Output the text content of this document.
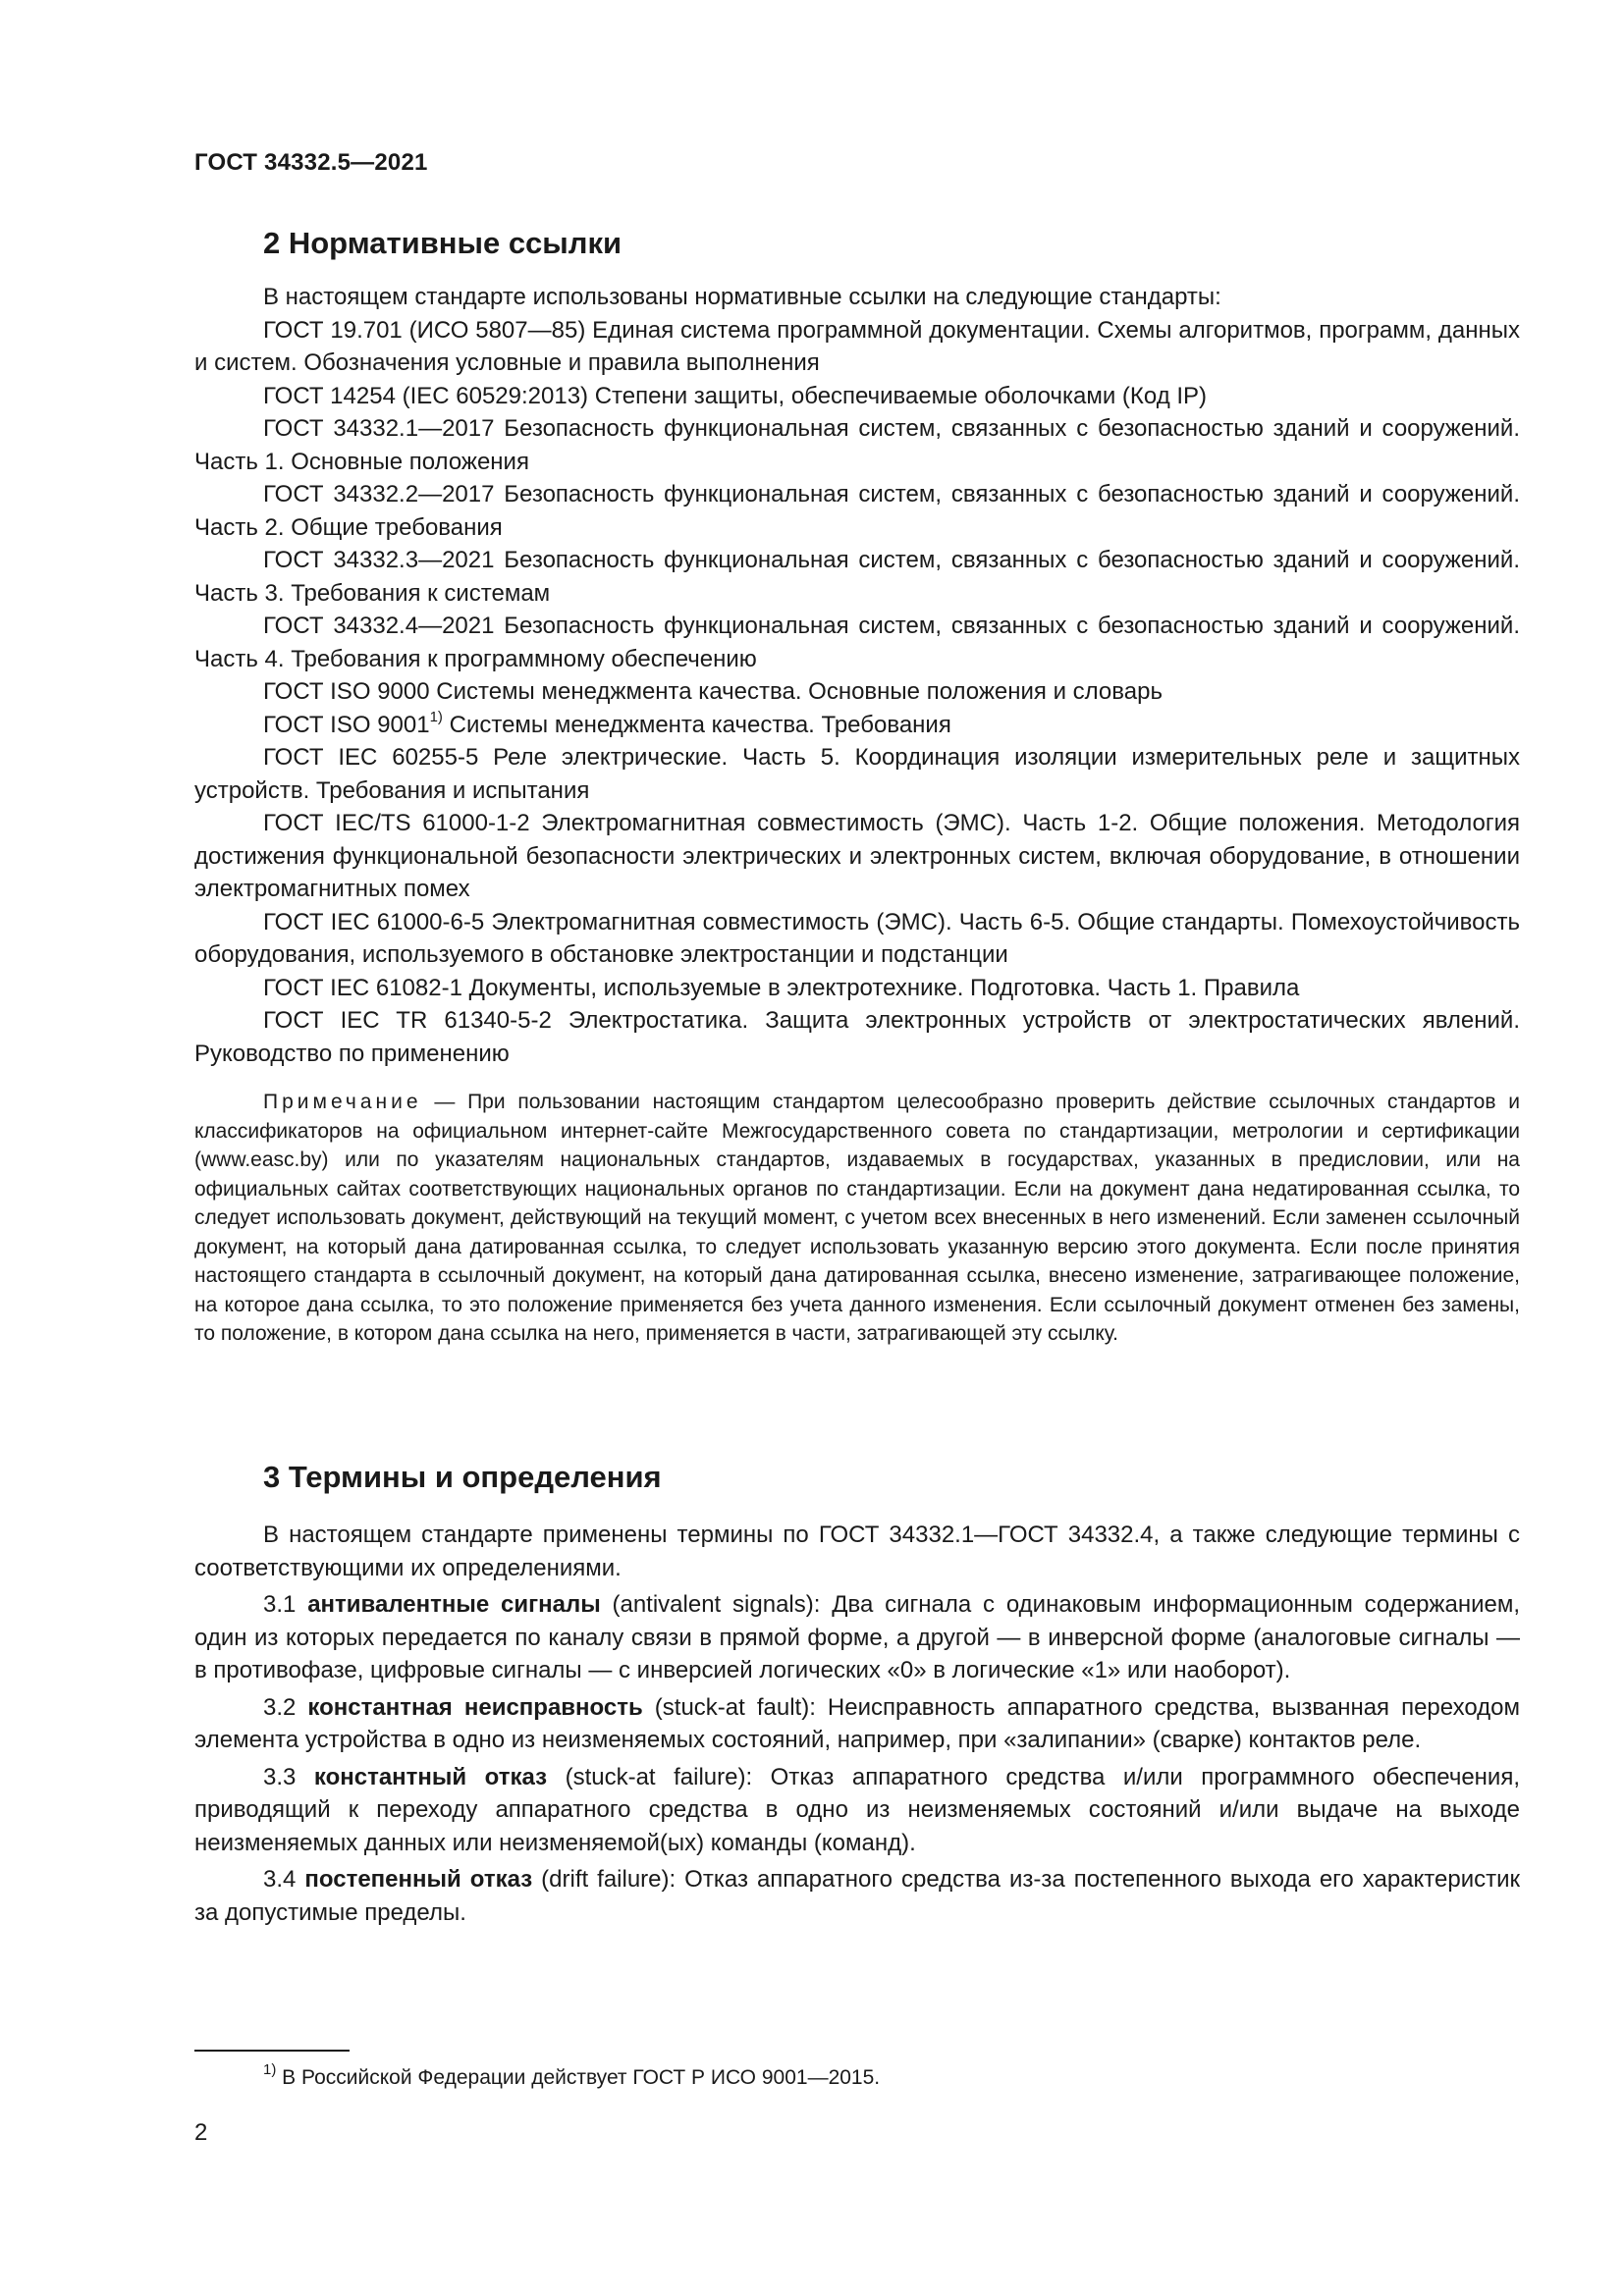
ГОСТ 34332.5—2021
2 Нормативные ссылки

В настоящем стандарте использованы нормативные ссылки на следующие стандарты:

ГОСТ 19.701 (ИСО 5807—85) Единая система программной документации. Схемы алгоритмов, программ, данных и систем. Обозначения условные и правила выполнения

ГОСТ 14254 (IEC 60529:2013) Степени защиты, обеспечиваемые оболочками (Код IP)

ГОСТ 34332.1—2017 Безопасность функциональная систем, связанных с безопасностью зданий и сооружений. Часть 1. Основные положения

ГОСТ 34332.2—2017 Безопасность функциональная систем, связанных с безопасностью зданий и сооружений. Часть 2. Общие требования

ГОСТ 34332.3—2021 Безопасность функциональная систем, связанных с безопасностью зданий и сооружений. Часть 3. Требования к системам

ГОСТ 34332.4—2021 Безопасность функциональная систем, связанных с безопасностью зданий и сооружений. Часть 4. Требования к программному обеспечению

ГОСТ ISO 9000 Системы менеджмента качества. Основные положения и словарь

ГОСТ ISO 9001$^{1)}$ Системы менеджмента качества. Требования

ГОСТ IEC 60255-5 Реле электрические. Часть 5. Координация изоляции измерительных реле и защитных устройств. Требования и испытания

ГОСТ IEC/TS 61000-1-2 Электромагнитная совместимость (ЭМС). Часть 1-2. Общие положения. Методология достижения функциональной безопасности электрических и электронных систем, включая оборудование, в отношении электромагнитных помех

ГОСТ IEC 61000-6-5 Электромагнитная совместимость (ЭМС). Часть 6-5. Общие стандарты. Помехоустойчивость оборудования, используемого в обстановке электростанции и подстанции

ГОСТ IEC 61082-1 Документы, используемые в электротехнике. Подготовка. Часть 1. Правила

ГОСТ IEC TR 61340-5-2 Электростатика. Защита электронных устройств от электростатических явлений. Руководство по применению

Примечание — При пользовании настоящим стандартом целесообразно проверить действие ссылочных стандартов и классификаторов на официальном интернет-сайте Межгосударственного совета по стандартизации, метрологии и сертификации (www.easc.by) или по указателям национальных стандартов, издаваемых в государствах, указанных в предисловии, или на официальных сайтах соответствующих национальных органов по стандартизации. Если на документ дана недатированная ссылка, то следует использовать документ, действующий на текущий момент, с учетом всех внесенных в него изменений. Если заменен ссылочный документ, на который дана датированная ссылка, то следует использовать указанную версию этого документа. Если после принятия настоящего стандарта в ссылочный документ, на который дана датированная ссылка, внесено изменение, затрагивающее положение, на которое дана ссылка, то это положение применяется без учета данного изменения. Если ссылочный документ отменен без замены, то положение, в котором дана ссылка на него, применяется в части, затрагивающей эту ссылку.

3 Термины и определения

В настоящем стандарте применены термины по ГОСТ 34332.1—ГОСТ 34332.4, а также следующие термины с соответствующими их определениями.

3.1 антивалентные сигналы (antivalent signals): Два сигнала с одинаковым информационным содержанием, один из которых передается по каналу связи в прямой форме, а другой — в инверсной форме (аналоговые сигналы — в противофазе, цифровые сигналы — с инверсией логических «0» в логические «1» или наоборот).

3.2 константная неисправность (stuck-at fault): Неисправность аппаратного средства, вызванная переходом элемента устройства в одно из неизменяемых состояний, например, при «залипании» (сварке) контактов реле.

3.3 константный отказ (stuck-at failure): Отказ аппаратного средства и/или программного обеспечения, приводящий к переходу аппаратного средства в одно из неизменяемых состояний и/или выдаче на выходе неизменяемых данных или неизменяемой(ых) команды (команд).

3.4 постепенный отказ (drift failure): Отказ аппаратного средства из-за постепенного выхода его характеристик за допустимые пределы.

$^{1)}$ В Российской Федерации действует ГОСТ Р ИСО 9001—2015.
2
